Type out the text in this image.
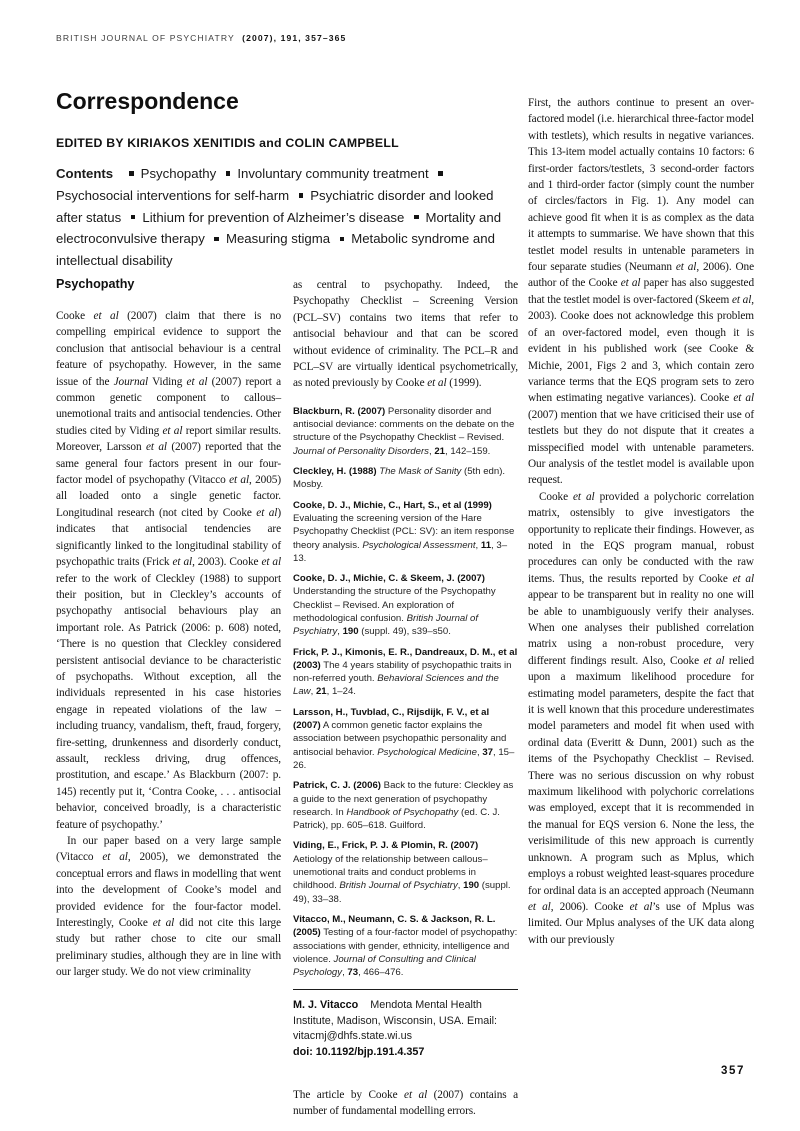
BRITISH JOURNAL OF PSYCHIATRY (2007), 191, 357–365
Correspondence
EDITED BY KIRIAKOS XENITIDIS and COLIN CAMPBELL

Contents Psychopathy Involuntary community treatment Psychosocial interventions for self-harm Psychiatric disorder and looked after status Lithium for prevention of Alzheimer’s disease Mortality and electroconvulsive therapy Measuring stigma Metabolic syndrome and intellectual disability

Psychopathy

Cooke et al (2007) claim that there is no compelling empirical evidence to support the conclusion that antisocial behaviour is a central feature of psychopathy. However, in the same issue of the Journal Viding et al (2007) report a common genetic component to callous–unemotional traits and antisocial tendencies. Other studies cited by Viding et al report similar results. Moreover, Larsson et al (2007) reported that the same general four factors present in our four-factor model of psychopathy (Vitacco et al, 2005) all loaded onto a single genetic factor. Longitudinal research (not cited by Cooke et al) indicates that antisocial tendencies are significantly linked to the longitudinal stability of psychopathic traits (Frick et al, 2003). Cooke et al refer to the work of Cleckley (1988) to support their position, but in Cleckley’s accounts of psychopathy antisocial behaviours play an important role. As Patrick (2006: p. 608) noted, ‘There is no question that Cleckley considered persistent antisocial deviance to be characteristic of psychopaths. Without exception, all the individuals represented in his case histories engage in repeated violations of the law – including truancy, vandalism, theft, fraud, forgery, fire-setting, drunkenness and disorderly conduct, assault, reckless driving, drug offences, prostitution, and escape.’ As Blackburn (2007: p. 145) recently put it, ‘Contra Cooke, . . . antisocial behavior, conceived broadly, is a characteristic feature of psychopathy.’

In our paper based on a very large sample (Vitacco et al, 2005), we demonstrated the conceptual errors and flaws in modelling that went into the development of Cooke’s model and provided evidence for the four-factor model. Interestingly, Cooke et al did not cite this large study but rather chose to cite our small preliminary studies, although they are in line with our larger study. We do not view criminality

as central to psychopathy. Indeed, the Psychopathy Checklist – Screening Version (PCL–SV) contains two items that refer to antisocial behaviour and that can be scored without evidence of criminality. The PCL–R and PCL–SV are virtually identical psychometrically, as noted previously by Cooke et al (1999).

Blackburn, R. (2007) Personality disorder and antisocial deviance: comments on the debate on the structure of the Psychopathy Checklist – Revised. Journal of Personality Disorders, 21, 142–159.

Cleckley, H. (1988) The Mask of Sanity (5th edn). Mosby.

Cooke, D. J., Michie, C., Hart, S., et al (1999) Evaluating the screening version of the Hare Psychopathy Checklist (PCL: SV): an item response theory analysis. Psychological Assessment, 11, 3–13.

Cooke, D. J., Michie, C. & Skeem, J. (2007) Understanding the structure of the Psychopathy Checklist – Revised. An exploration of methodological confusion. British Journal of Psychiatry, 190 (suppl. 49), s39–s50.

Frick, P. J., Kimonis, E. R., Dandreaux, D. M., et al (2003) The 4 years stability of psychopathic traits in non-referred youth. Behavioral Sciences and the Law, 21, 1–24.

Larsson, H., Tuvblad, C., Rijsdijk, F. V., et al (2007) A common genetic factor explains the association between psychopathic personality and antisocial behavior. Psychological Medicine, 37, 15–26.

Patrick, C. J. (2006) Back to the future: Cleckley as a guide to the next generation of psychopathy research. In Handbook of Psychopathy (ed. C. J. Patrick), pp. 605–618. Guilford.

Viding, E., Frick, P. J. & Plomin, R. (2007) Aetiology of the relationship between callous–unemotional traits and conduct problems in childhood. British Journal of Psychiatry, 190 (suppl. 49), 33–38.

Vitacco, M., Neumann, C. S. & Jackson, R. L. (2005) Testing of a four-factor model of psychopathy: associations with gender, ethnicity, intelligence and violence. Journal of Consulting and Clinical Psychology, 73, 466–476.

M. J. Vitacco Mendota Mental Health Institute, Madison, Wisconsin, USA. Email: vitacmj@dhfs.state.wi.us

doi: 10.1192/bjp.191.4.357

The article by Cooke et al (2007) contains a number of fundamental modelling errors.

First, the authors continue to present an over-factored model (i.e. hierarchical three-factor model with testlets), which results in negative variances. This 13-item model actually contains 10 factors: 6 first-order factors/testlets, 3 second-order factors and 1 third-order factor (simply count the number of circles/factors in Fig. 1). Any model can achieve good fit when it is as complex as the data it attempts to summarise. We have shown that this testlet model results in untenable parameters in four separate studies (Neumann et al, 2006). One author of the Cooke et al paper has also suggested that the testlet model is over-factored (Skeem et al, 2003). Cooke does not acknowledge this problem of an over-factored model, even though it is evident in his published work (see Cooke & Michie, 2001, Figs 2 and 3, which contain zero variance terms that the EQS program sets to zero when estimating negative variances). Cooke et al (2007) mention that we have criticised their use of testlets but they do not dispute that it creates a misspecified model with untenable parameters. Our analysis of the testlet model is available upon request.

Cooke et al provided a polychoric correlation matrix, ostensibly to give investigators the opportunity to replicate their findings. However, as noted in the EQS program manual, robust procedures can only be conducted with the raw items. Thus, the results reported by Cooke et al appear to be transparent but in reality no one will be able to unambiguously verify their analyses. When one analyses their published correlation matrix using a non-robust procedure, very different findings result. Also, Cooke et al relied upon a maximum likelihood procedure for estimating model parameters, despite the fact that it is well known that this procedure underestimates model parameters and model fit when used with ordinal data (Everitt & Dunn, 2001) such as the items of the Psychopathy Checklist – Revised. There was no serious discussion on why robust maximum likelihood with polychoric correlations was employed, except that it is recommended in the manual for EQS version 6. None the less, the verisimilitude of this new approach is currently unknown. A program such as Mplus, which employs a robust weighted least-squares procedure for ordinal data is an accepted approach (Neumann et al, 2006). Cooke et al’s use of Mplus was limited. Our Mplus analyses of the UK data along with our previously

357
